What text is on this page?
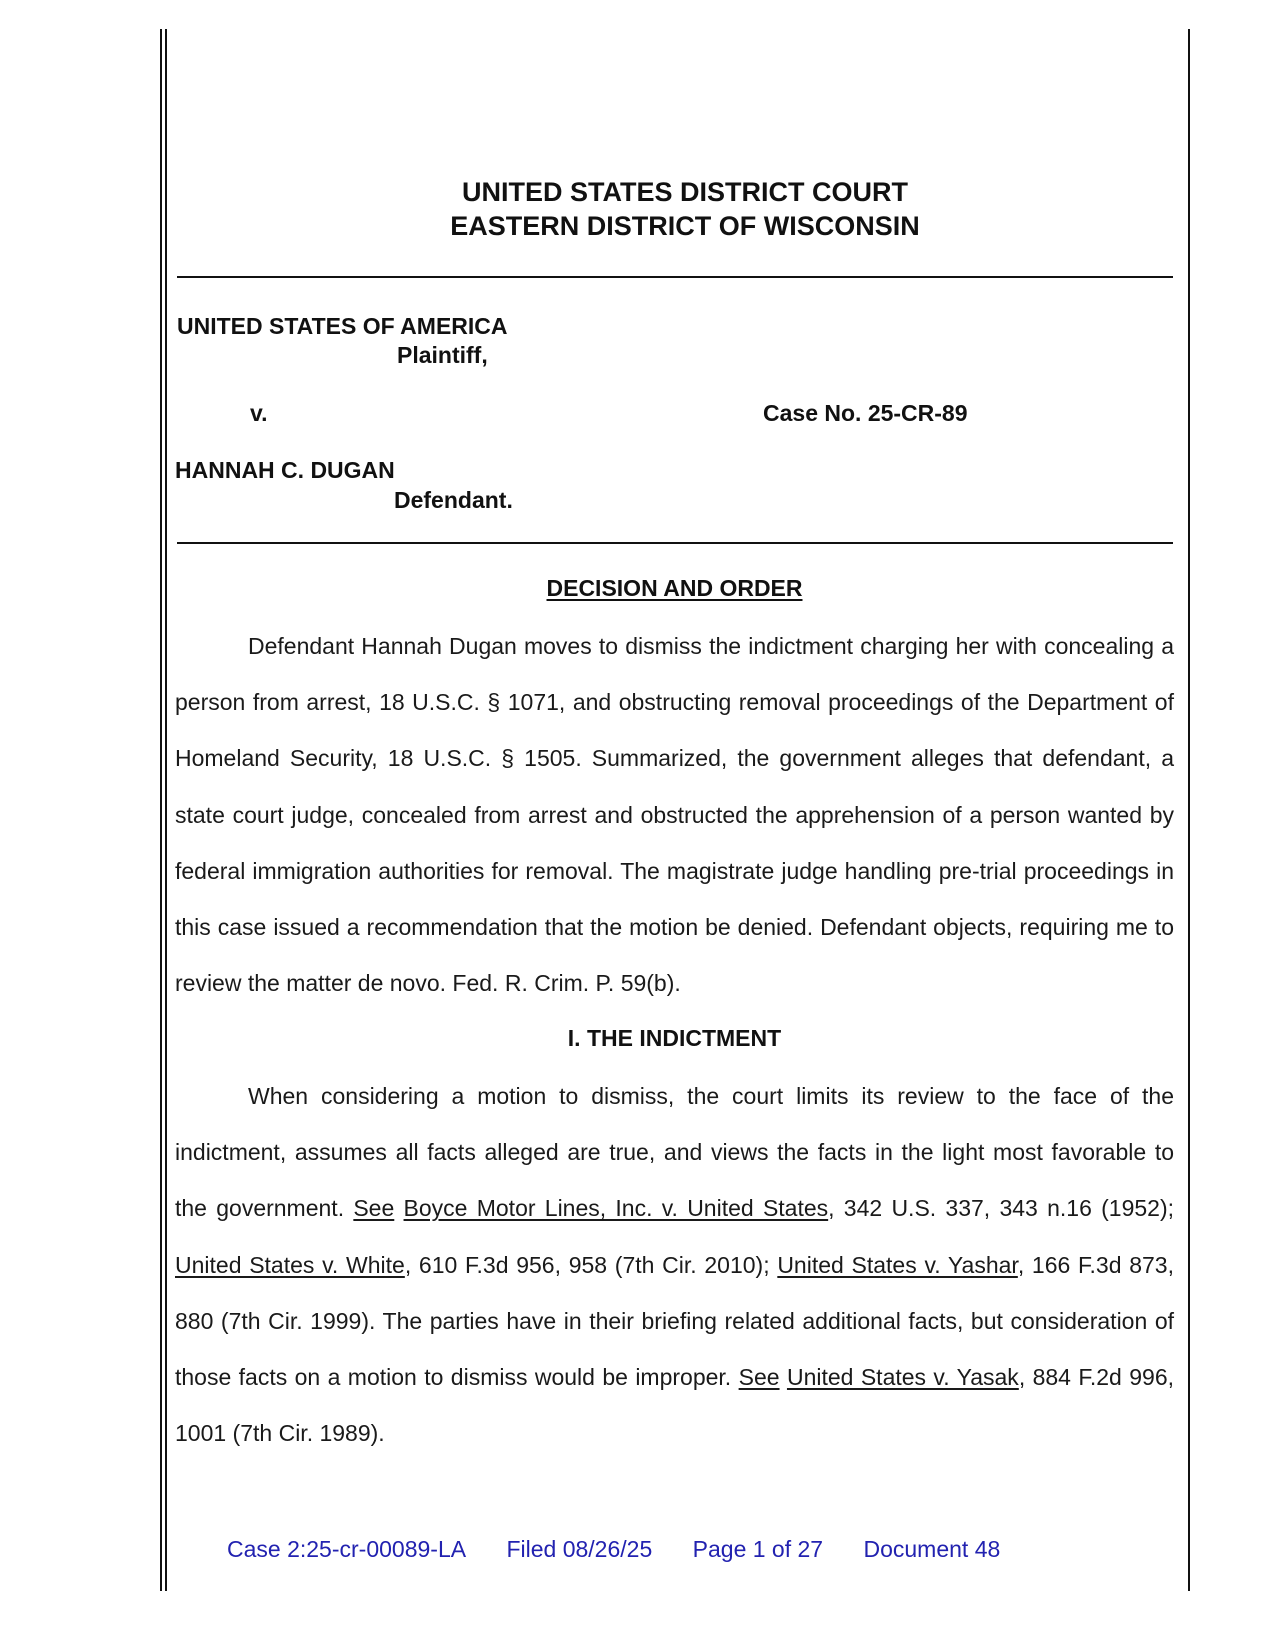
UNITED STATES DISTRICT COURT
EASTERN DISTRICT OF WISCONSIN
UNITED STATES OF AMERICA
Plaintiff,
v.	Case No. 25-CR-89
HANNAH C. DUGAN
Defendant.
DECISION AND ORDER
Defendant Hannah Dugan moves to dismiss the indictment charging her with concealing a person from arrest, 18 U.S.C. § 1071, and obstructing removal proceedings of the Department of Homeland Security, 18 U.S.C. § 1505. Summarized, the government alleges that defendant, a state court judge, concealed from arrest and obstructed the apprehension of a person wanted by federal immigration authorities for removal. The magistrate judge handling pre-trial proceedings in this case issued a recommendation that the motion be denied. Defendant objects, requiring me to review the matter de novo. Fed. R. Crim. P. 59(b).
I. THE INDICTMENT
When considering a motion to dismiss, the court limits its review to the face of the indictment, assumes all facts alleged are true, and views the facts in the light most favorable to the government. See Boyce Motor Lines, Inc. v. United States, 342 U.S. 337, 343 n.16 (1952); United States v. White, 610 F.3d 956, 958 (7th Cir. 2010); United States v. Yashar, 166 F.3d 873, 880 (7th Cir. 1999). The parties have in their briefing related additional facts, but consideration of those facts on a motion to dismiss would be improper. See United States v. Yasak, 884 F.2d 996, 1001 (7th Cir. 1989).
Case 2:25-cr-00089-LA Filed 08/26/25 Page 1 of 27 Document 48
